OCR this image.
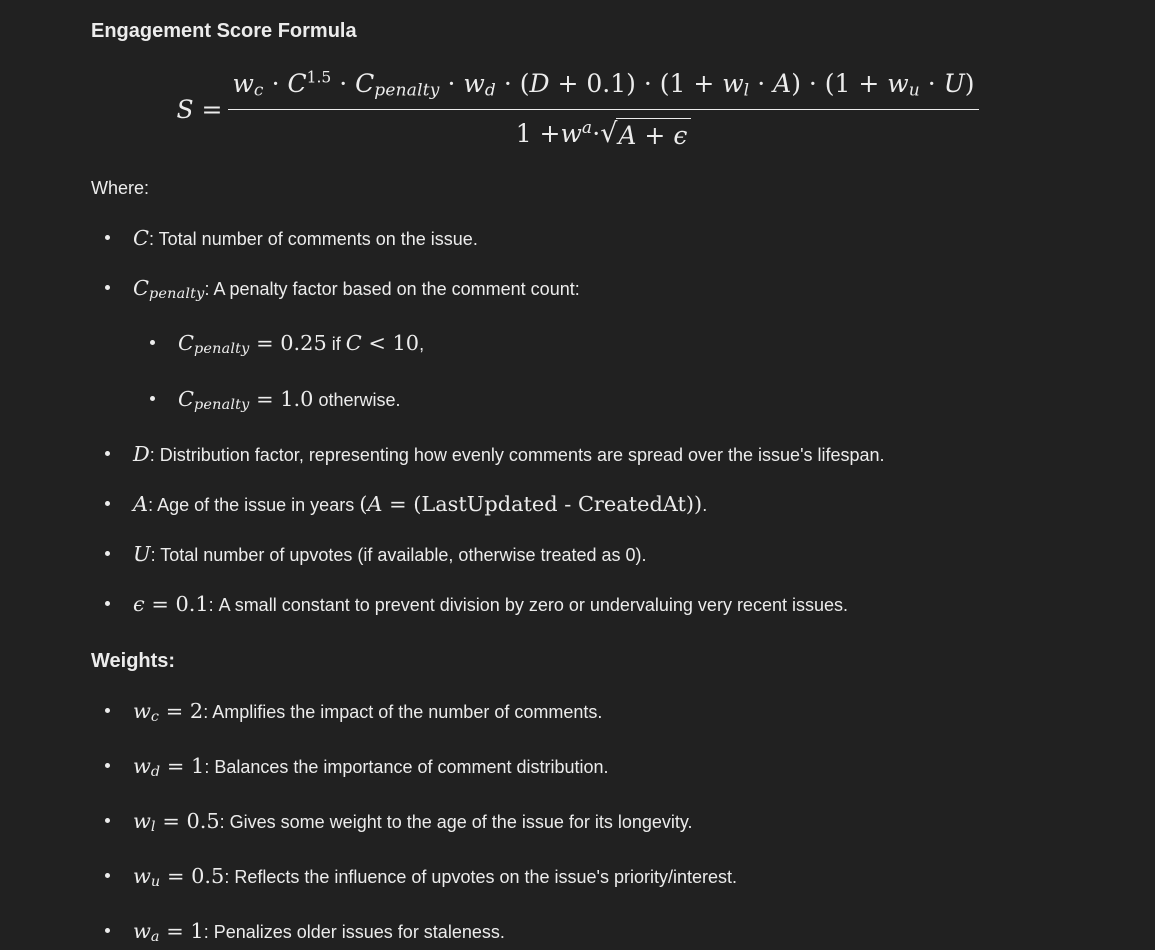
Engagement Score Formula
S =
wc · $C^{1.5}$ · Cpenalty · wd · (D + 0.1) · (1 + wl · A) · (1 + wu · U)
1 + w a · √ A + ϵ

Where:

C: Total number of comments on the issue.
Cpenalty: A penalty factor based on the comment count:
Cpenalty = 0.25 if C < 10,
Cpenalty = 1.0 otherwise.
D: Distribution factor, representing how evenly comments are spread over the issue's lifespan.
A: Age of the issue in years (A = (LastUpdated - CreatedAt)).
U: Total number of upvotes (if available, otherwise treated as 0).
ϵ = 0.1: A small constant to prevent division by zero or undervaluing very recent issues.
Weights:
wc = 2: Amplifies the impact of the number of comments.
wd = 1: Balances the importance of comment distribution.
wl = 0.5: Gives some weight to the age of the issue for its longevity.
wu = 0.5: Reflects the influence of upvotes on the issue's priority/interest.
wa = 1: Penalizes older issues for staleness.
